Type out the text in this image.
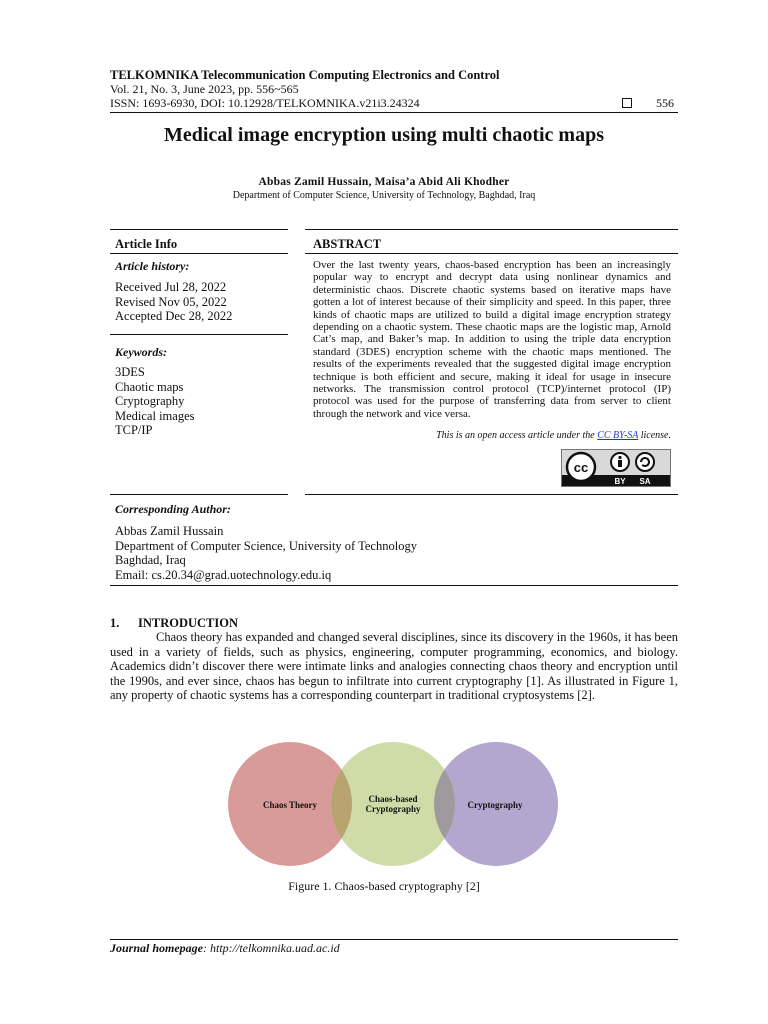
TELKOMNIKA Telecommunication Computing Electronics and Control
Vol. 21, No. 3, June 2023, pp. 556~565
ISSN: 1693-6930, DOI: 10.12928/TELKOMNIKA.v21i3.24324	556
Medical image encryption using multi chaotic maps
Abbas Zamil Hussain, Maisa’a Abid Ali Khodher
Department of Computer Science, University of Technology, Baghdad, Iraq
Article Info
Article history:
Received Jul 28, 2022
Revised Nov 05, 2022
Accepted Dec 28, 2022
Keywords:
3DES
Chaotic maps
Cryptography
Medical images
TCP/IP
ABSTRACT
Over the last twenty years, chaos-based encryption has been an increasingly popular way to encrypt and decrypt data using nonlinear dynamics and deterministic chaos. Discrete chaotic systems based on iterative maps have gotten a lot of interest because of their simplicity and speed. In this paper, three kinds of chaotic maps are utilized to build a digital image encryption strategy depending on a chaotic system. These chaotic maps are the logistic map, Arnold Cat’s map, and Baker’s map. In addition to using the triple data encryption standard (3DES) encryption scheme with the chaotic maps mentioned. The results of the experiments revealed that the suggested digital image encryption technique is both efficient and secure, making it ideal for usage in insecure networks. The transmission control protocol (TCP)/internet protocol (IP) protocol was used for the purpose of transferring data from server to client through the network and vice versa.
This is an open access article under the CC BY-SA license.
cc
BY SA
Corresponding Author:
Abbas Zamil Hussain
Department of Computer Science, University of Technology
Baghdad, Iraq
Email: cs.20.34@grad.uotechnology.edu.iq
1. INTRODUCTION
Chaos theory has expanded and changed several disciplines, since its discovery in the 1960s, it has been used in a variety of fields, such as physics, engineering, computer programming, economics, and biology. Academics didn’t discover there were intimate links and analogies connecting chaos theory and encryption until the 1990s, and ever since, chaos has begun to infiltrate into current cryptography [1]. As illustrated in Figure 1, any property of chaotic systems has a corresponding counterpart in traditional cryptosystems [2].
Chaos Theory
Chaos-based
Cryptography	Cryptography
Figure 1. Chaos-based cryptography [2]
Journal homepage: http://telkomnika.uad.ac.id
